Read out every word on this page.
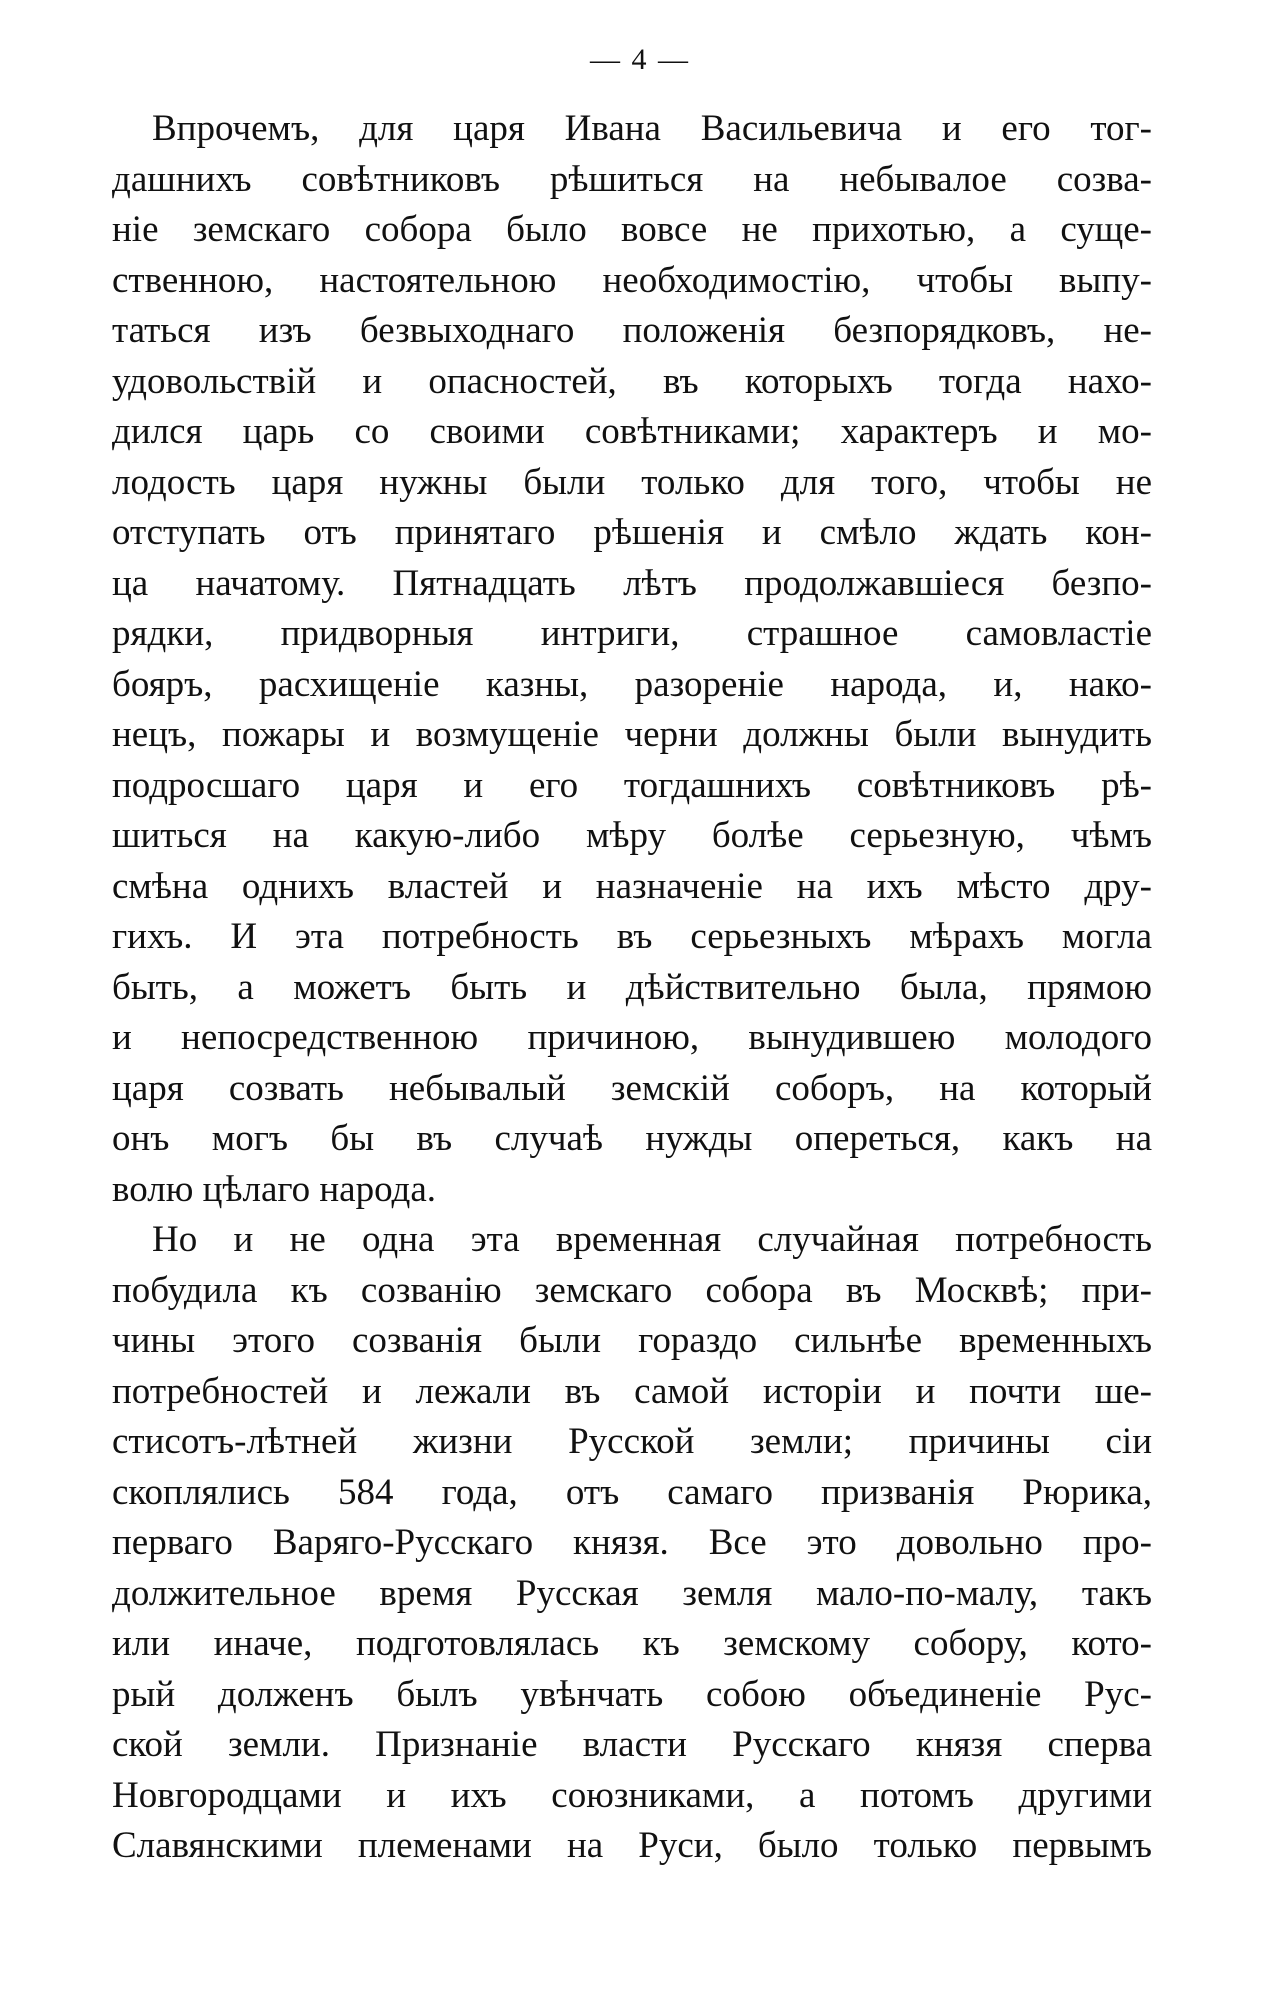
— 4 —
Впрочемъ, для царя Ивана Васильевича и его тог-
дашнихъ совѣтниковъ рѣшиться на небывалое созва-
ніе земскаго собора было вовсе не прихотью, а суще-
ственною, настоятельною необходимостію, чтобы выпу-
таться изъ безвыходнаго положенія безпорядковъ, не-
удовольствій и опасностей, въ которыхъ тогда нахо-
дился царь со своими совѣтниками; характеръ и мо-
лодость царя нужны были только для того, чтобы не
отступать отъ принятаго рѣшенія и смѣло ждать кон-
ца начатому. Пятнадцать лѣтъ продолжавшіеся безпо-
рядки, придворныя интриги, страшное самовластіе
бояръ, расхищеніе казны, разореніе народа, и, нако-
нецъ, пожары и возмущеніе черни должны были вынудить
подросшаго царя и его тогдашнихъ совѣтниковъ рѣ-
шиться на какую-либо мѣру болѣе серьезную, чѣмъ
смѣна однихъ властей и назначеніе на ихъ мѣсто дру-
гихъ. И эта потребность въ серьезныхъ мѣрахъ могла
быть, а можетъ быть и дѣйствительно была, прямою
и непосредственною причиною, вынудившею молодого
царя созвать небывалый земскій соборъ, на который
онъ могъ бы въ случаѣ нужды опереться, какъ на
волю цѣлаго народа.
Но и не одна эта временная случайная потребность
побудила къ созванію земскаго собора въ Москвѣ; при-
чины этого созванія были гораздо сильнѣе временныхъ
потребностей и лежали въ самой исторіи и почти ше-
стисотъ-лѣтней жизни Русской земли; причины сіи
скоплялись 584 года, отъ самаго призванія Рюрика,
перваго Варяго-Русскаго князя. Все это довольно про-
должительное время Русская земля мало-по-малу, такъ
или иначе, подготовлялась къ земскому собору, кото-
рый долженъ былъ увѣнчать собою объединеніе Рус-
ской земли. Признаніе власти Русскаго князя сперва
Новгородцами и ихъ союзниками, а потомъ другими
Славянскими племенами на Руси, было только первымъ
